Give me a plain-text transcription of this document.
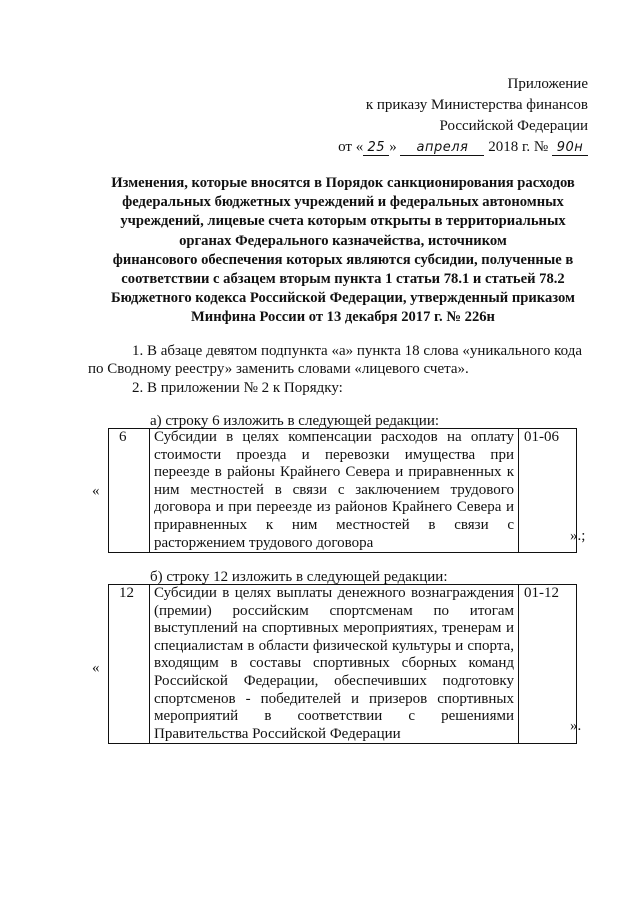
Приложение
к приказу Министерства финансов
Российской Федерации
от « 25 » апреля 2018 г. № 90н
Изменения, которые вносятся в Порядок санкционирования расходов
федеральных бюджетных учреждений и федеральных автономных
учреждений, лицевые счета которым открыты в территориальных
органах Федерального казначейства, источником
финансового обеспечения которых являются субсидии, полученные в
соответствии с абзацем вторым пункта 1 статьи 78.1 и статьей 78.2
Бюджетного кодекса Российской Федерации, утвержденный приказом
Минфина России от 13 декабря 2017 г. № 226н
1. В абзаце девятом подпункта «а» пункта 18 слова «уникального кода
по Сводному реестру» заменить словами «лицевого счета».
2. В приложении № 2 к Порядку:
а) строку 6 изложить в следующей редакции:
«
6	Субсидии в целях компенсации расходов на оплату стоимости проезда и перевозки имущества при переезде в районы Крайнего Севера и приравненных к ним местностей в связи с заключением трудового договора и при переезде из районов Крайнего Севера и приравненных к ним местностей в связи с расторжением трудового договора	01-06
».;
б) строку 12 изложить в следующей редакции:
«
12	Субсидии в целях выплаты денежного вознаграждения (премии) российским спортсменам по итогам выступлений на спортивных мероприятиях, тренерам и специалистам в области физической культуры и спорта, входящим в составы спортивных сборных команд Российской Федерации, обеспечивших подготовку спортсменов - победителей и призеров спортивных мероприятий в соответствии с решениями Правительства Российской Федерации	01-12
».
